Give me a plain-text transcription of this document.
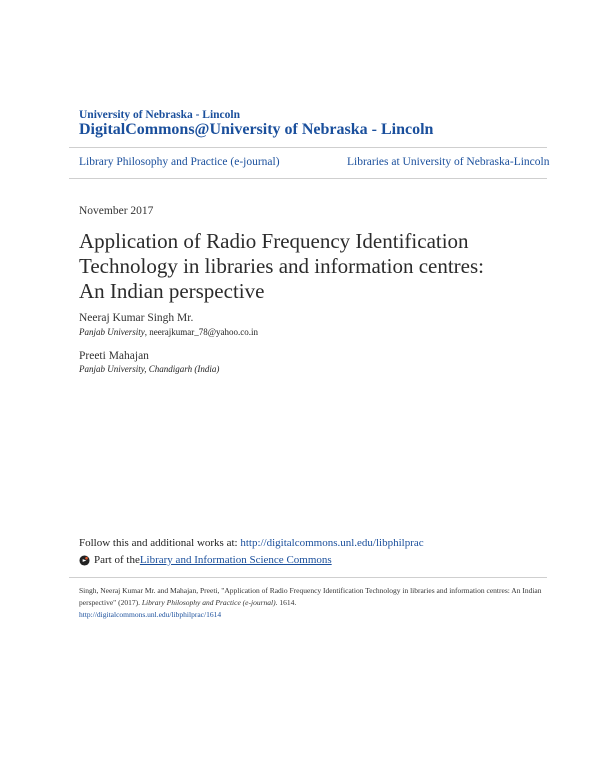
University of Nebraska - Lincoln
DigitalCommons@University of Nebraska - Lincoln
Library Philosophy and Practice (e-journal)	Libraries at University of Nebraska-Lincoln
November 2017
Application of Radio Frequency Identification
Technology in libraries and information centres:
An Indian perspective
Neeraj Kumar Singh Mr.
Panjab University, neerajkumar_78@yahoo.co.in
Preeti Mahajan
Panjab University, Chandigarh (India)
Follow this and additional works at: http://digitalcommons.unl.edu/libphilprac
Part of the Library and Information Science Commons
Singh, Neeraj Kumar Mr. and Mahajan, Preeti, "Application of Radio Frequency Identification Technology in libraries and information centres: An Indian perspective" (2017). Library Philosophy and Practice (e-journal). 1614.
http://digitalcommons.unl.edu/libphilprac/1614
